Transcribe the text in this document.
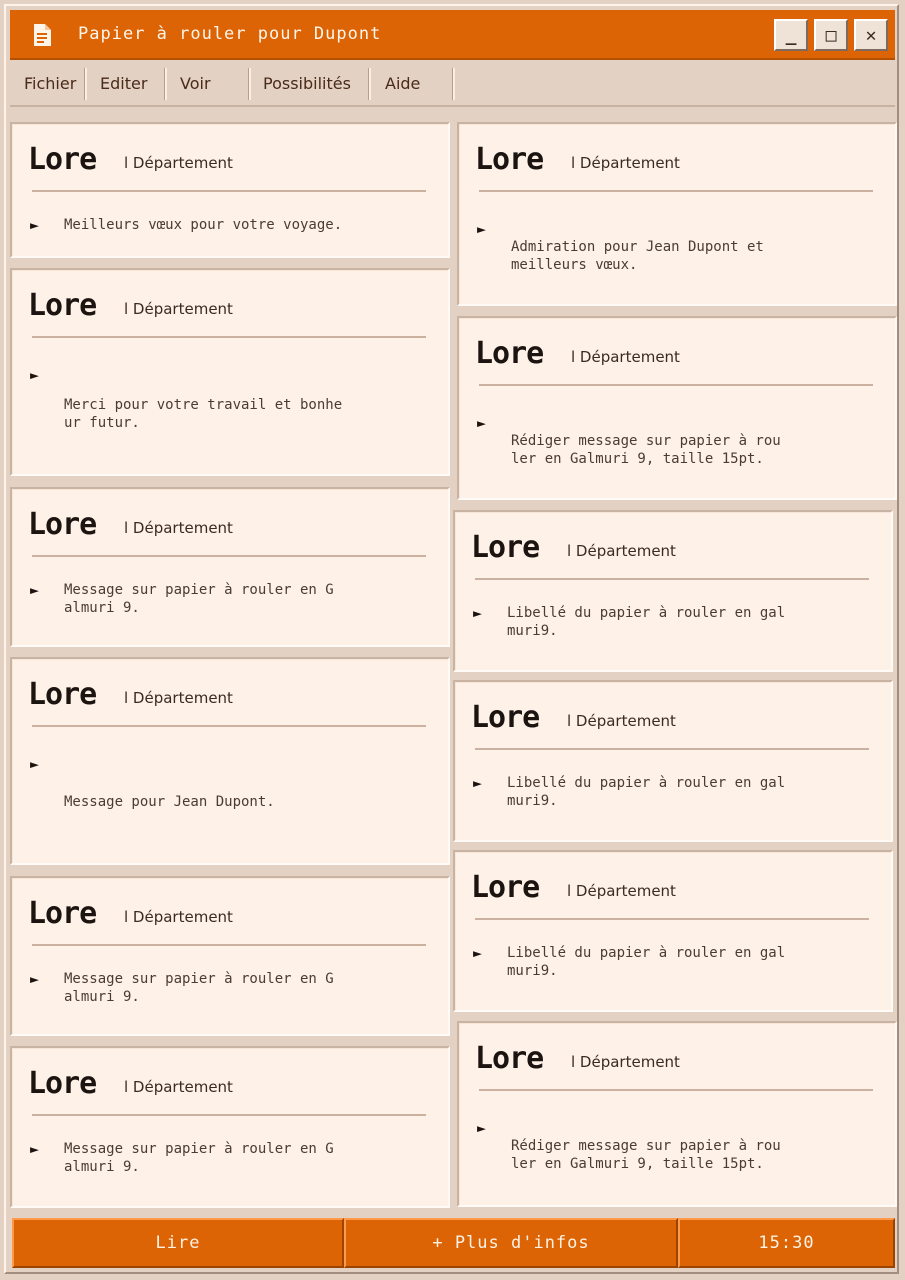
Papier à rouler pour Dupont	_ □ ✕
Fichier Editer Voir	Possibilités Aide
Lore l Département
► Meilleurs vœux pour votre voyage.
Lore l Département
►
Merci pour votre travail et bonhe
ur futur.
Lore l Département
► Message sur papier à rouler en G
almuri 9.
Lore l Département
►
Message pour Jean Dupont.
Lore l Département
► Message sur papier à rouler en G
almuri 9.
Lore l Département
► Message sur papier à rouler en G
almuri 9.
Lore l Département
►
Admiration pour Jean Dupont et
meilleurs vœux.
Lore l Département
►
Rédiger message sur papier à rou
ler en Galmuri 9, taille 15pt.
Lore l Département
► Libellé du papier à rouler en gal
muri9.
Lore l Département
► Libellé du papier à rouler en gal
muri9.
Lore l Département
► Libellé du papier à rouler en gal
muri9.
Lore l Département
►
Rédiger message sur papier à rou
ler en Galmuri 9, taille 15pt.
Lire	+ Plus d'infos	15:30
